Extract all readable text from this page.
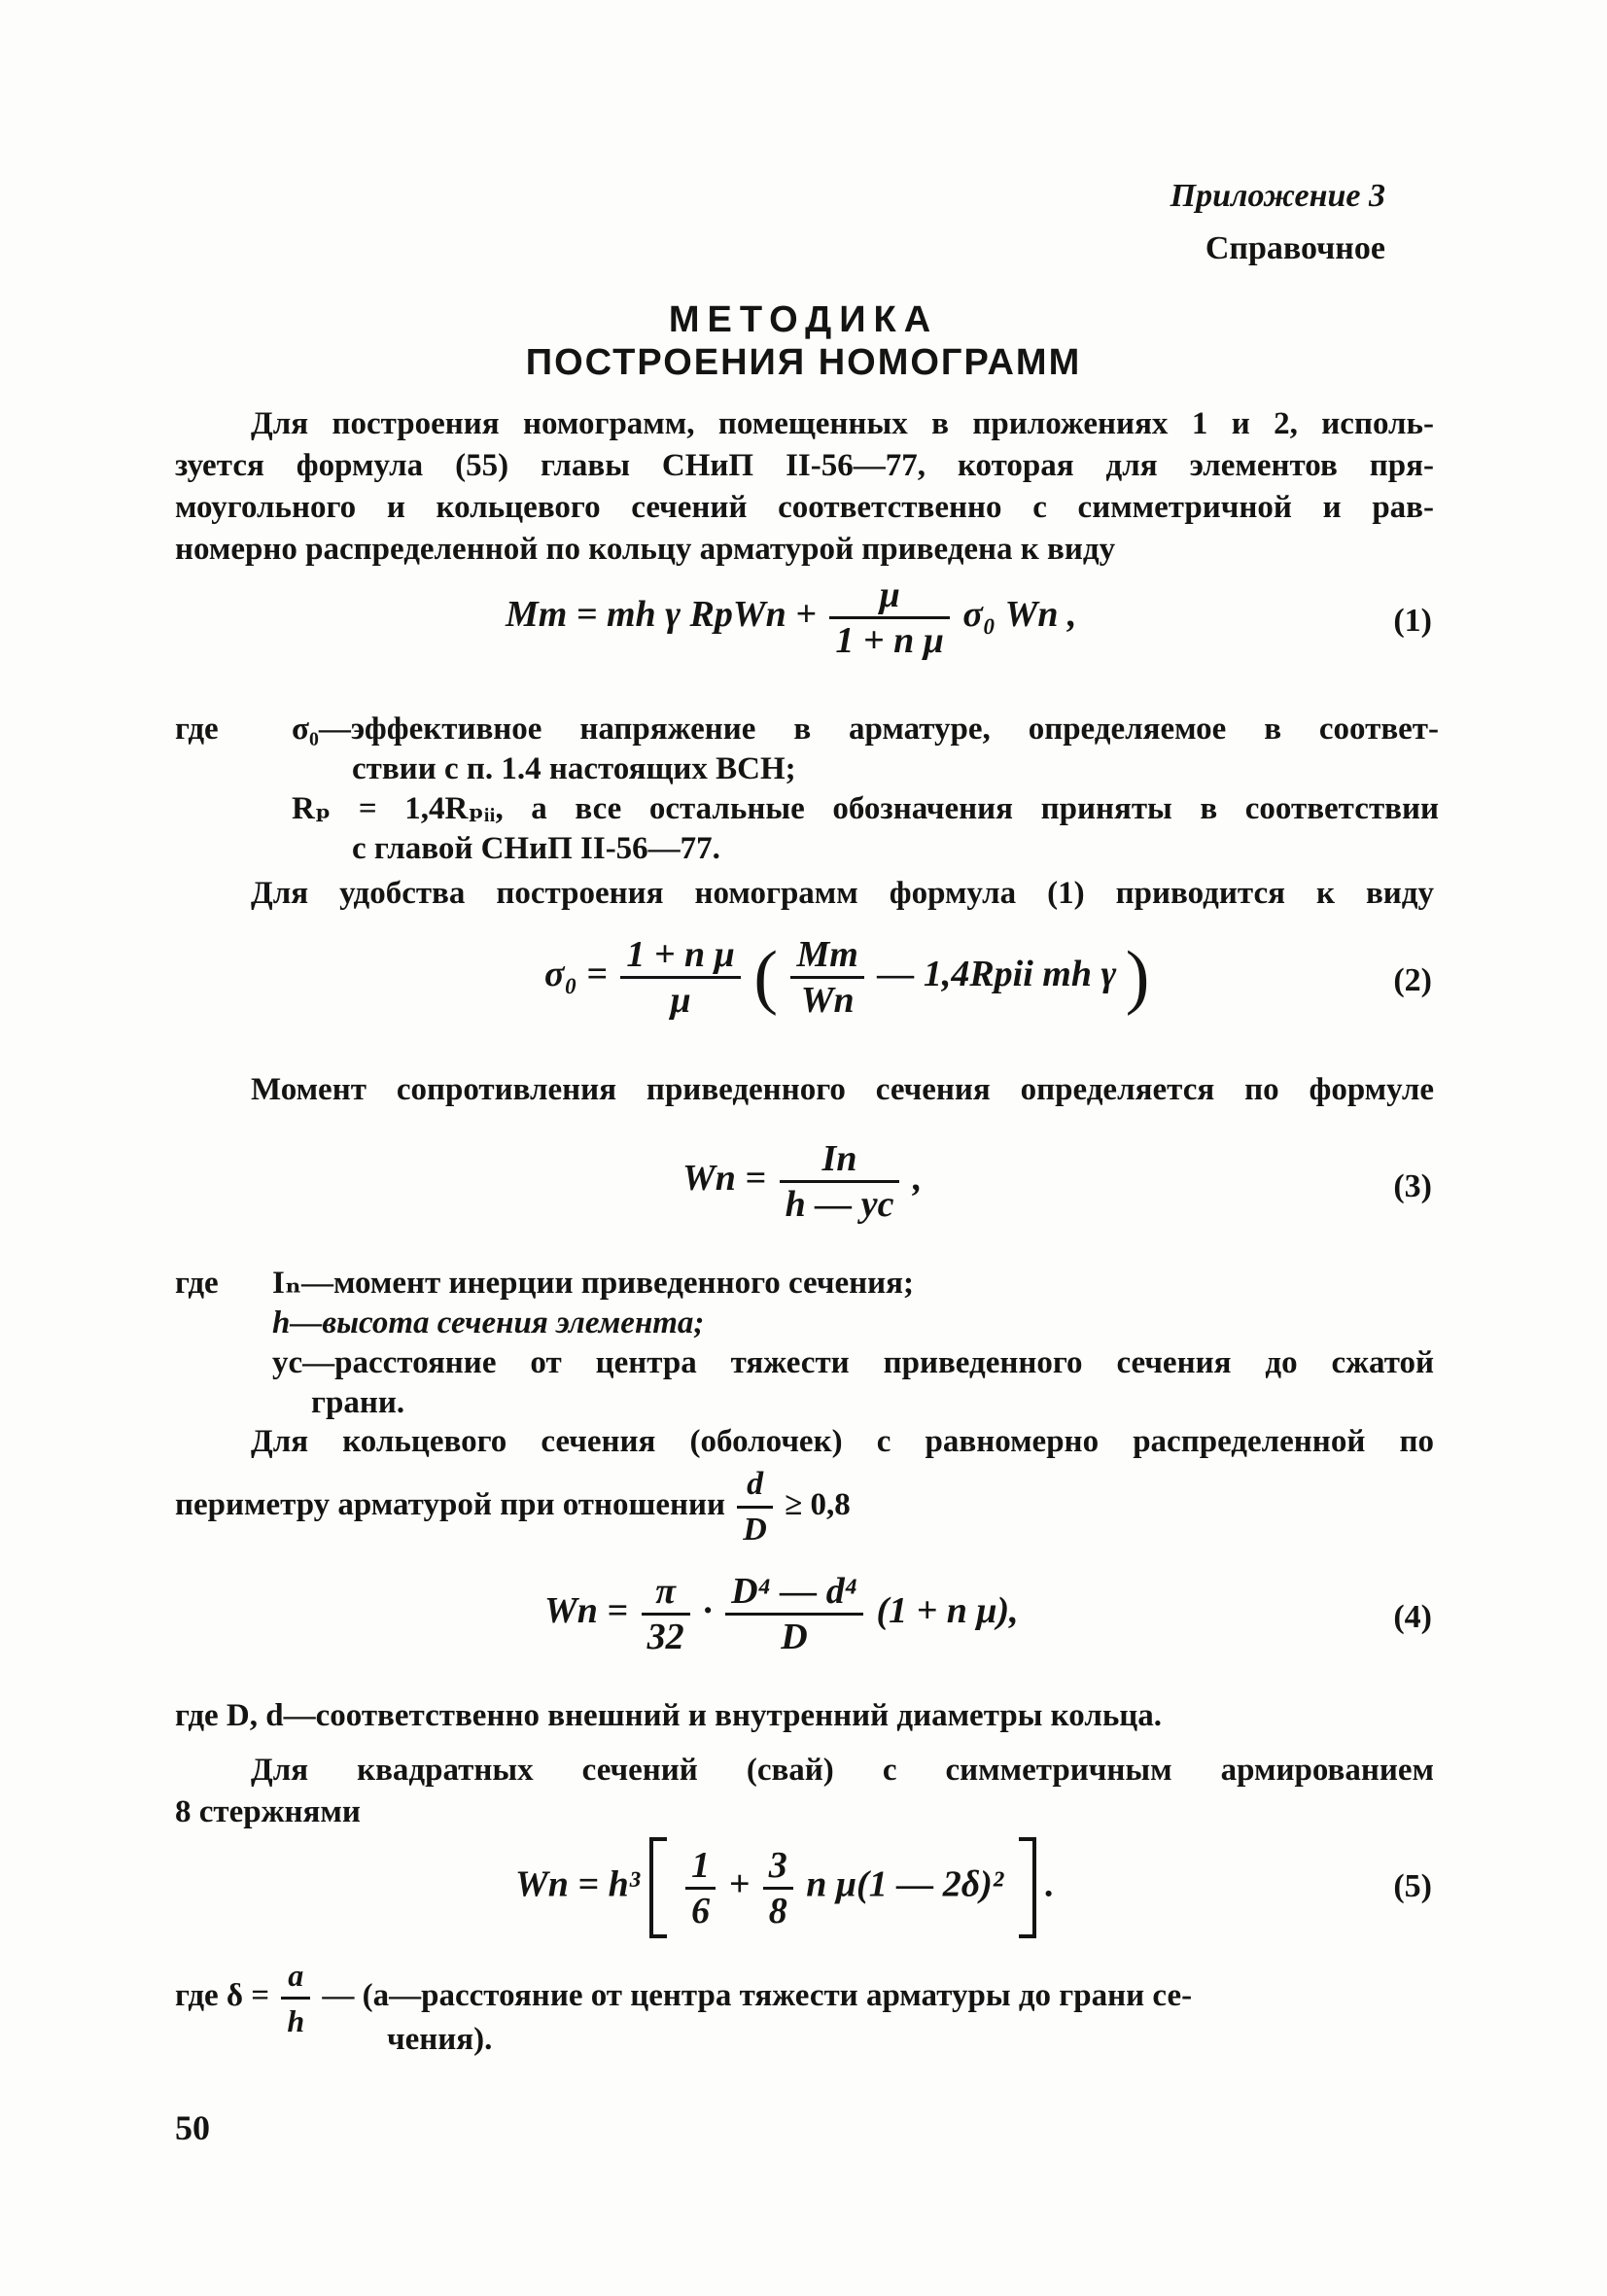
Приложение 3
Справочное
МЕТОДИКА
ПОСТРОЕНИЯ НОМОГРАММ
Для построения номограмм, помещенных в приложениях 1 и 2, исполь-
зуется формула (55) главы СНиП II-56—77, которая для элементов пря-
моугольного и кольцевого сечений соответственно с симметричной и рав-
номерно распределенной по кольцу арматурой приведена к виду
Mт = mh γ RpWп + $\frac{\mu}{\text{1 + n μ}} \sigma_0$ Wп ,	(1)
где σ₀—эффективное напряжение в арматуре, определяемое в соответ-
ствии с п. 1.4 настоящих ВСН;
Rₚ = 1,4Rₚᵢᵢ, а все остальные обозначения приняты в соответствии
с главой СНиП II-56—77.
Для удобства построения номограмм формула (1) приводится к виду
$\sigma_0 = \frac{\text{1 + n μ}}{\mu}$ ( $\frac{Mт}{Wп}$ — 1,4Rpii mh γ )	(2)
Момент сопротивления приведенного сечения определяется по формуле
Wп = $\frac{Iп}{h — yc}$ ,	(3)
где Iₙ—момент инерции приведенного сечения;
h—высота сечения элемента;
yc—расстояние от центра тяжести приведенного сечения до сжатой
грани.
Для кольцевого сечения (оболочек) с равномерно распределенной по
периметру арматурой при отношении $\frac{d}{D} \ge 0,8$
Wп = $\frac{\pi}{32} \cdot \frac{\text{D⁴ — d⁴}}{D} (1 + n$ μ),	(4)
где D, d—соответственно внешний и внутренний диаметры кольца.
Для квадратных сечений (свай) с симметричным армированием
8 стержнями
Wп = $h^3 \frac{1}{6} + \frac{3}{8}$ n μ(1 — 2δ)² .	(5)
где $\delta = \frac{a}{h}$ — (a—расстояние от центра тяжести арматуры до грани се-
чения).
50
